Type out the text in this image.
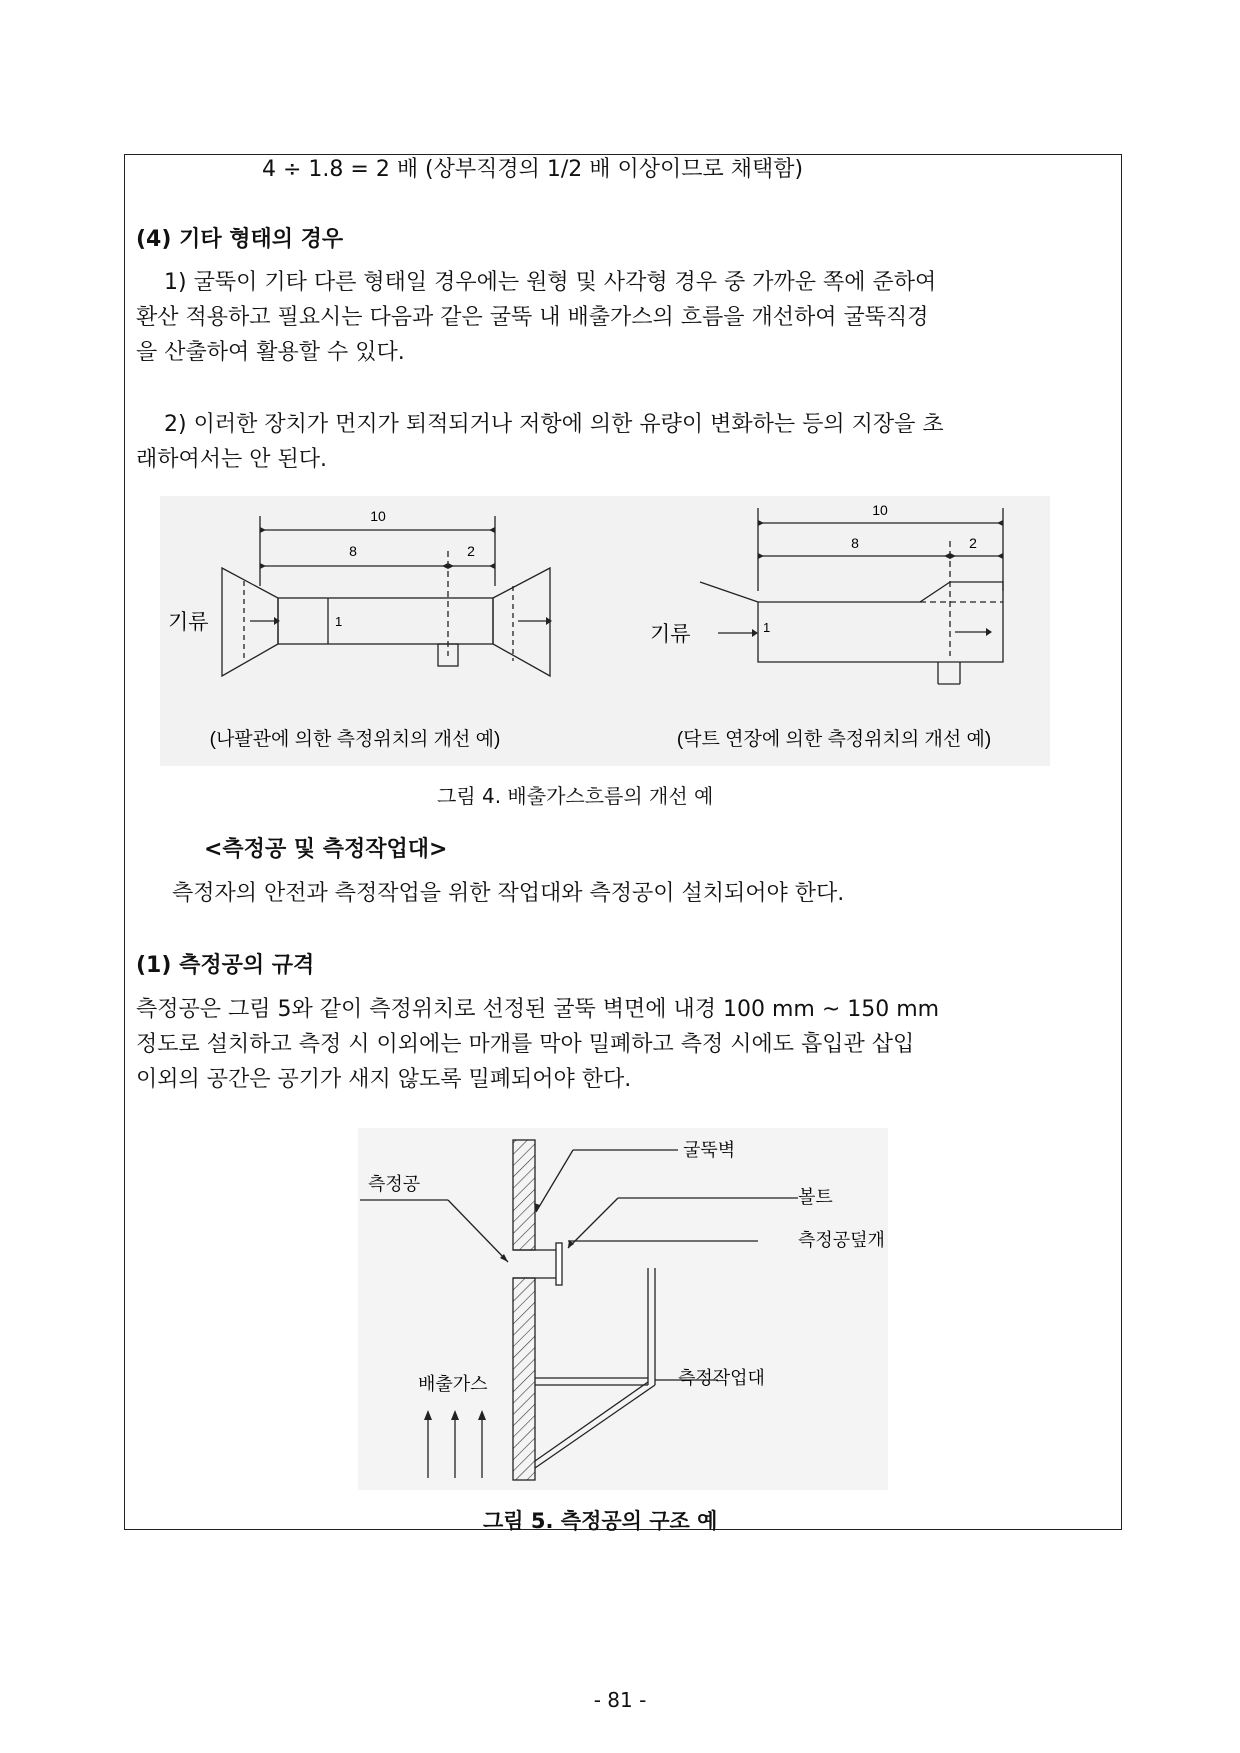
4 ÷ 1.8 = 2 배 (상부직경의 1/2 배 이상이므로 채택함)
(4) 기타 형태의 경우
1) 굴뚝이 기타 다른 형태일 경우에는 원형 및 사각형 경우 중 가까운 쪽에 준하여
환산 적용하고 필요시는 다음과 같은 굴뚝 내 배출가스의 흐름을 개선하여 굴뚝직경
을 산출하여 활용할 수 있다.
2) 이러한 장치가 먼지가 퇴적되거나 저항에 의한 유량이 변화하는 등의 지장을 초
래하여서는 안 된다.
10
8	2
기류	1
10
8	2
기류	1
(나팔관에 의한 측정위치의 개선 예)	(닥트 연장에 의한 측정위치의 개선 예)
그림 4. 배출가스흐름의 개선 예
<측정공 및 측정작업대>
측정자의 안전과 측정작업을 위한 작업대와 측정공이 설치되어야 한다.
(1) 측정공의 규격
측정공은 그림 5와 같이 측정위치로 선정된 굴뚝 벽면에 내경 100 mm ~ 150 mm
정도로 설치하고 측정 시 이외에는 마개를 막아 밀폐하고 측정 시에도 흡입관 삽입
이외의 공간은 공기가 새지 않도록 밀폐되어야 한다.
측정공
굴뚝벽
볼트
측정공덮개
배출가스	측정작업대
그림 5. 측정공의 구조 예
- 81 -
